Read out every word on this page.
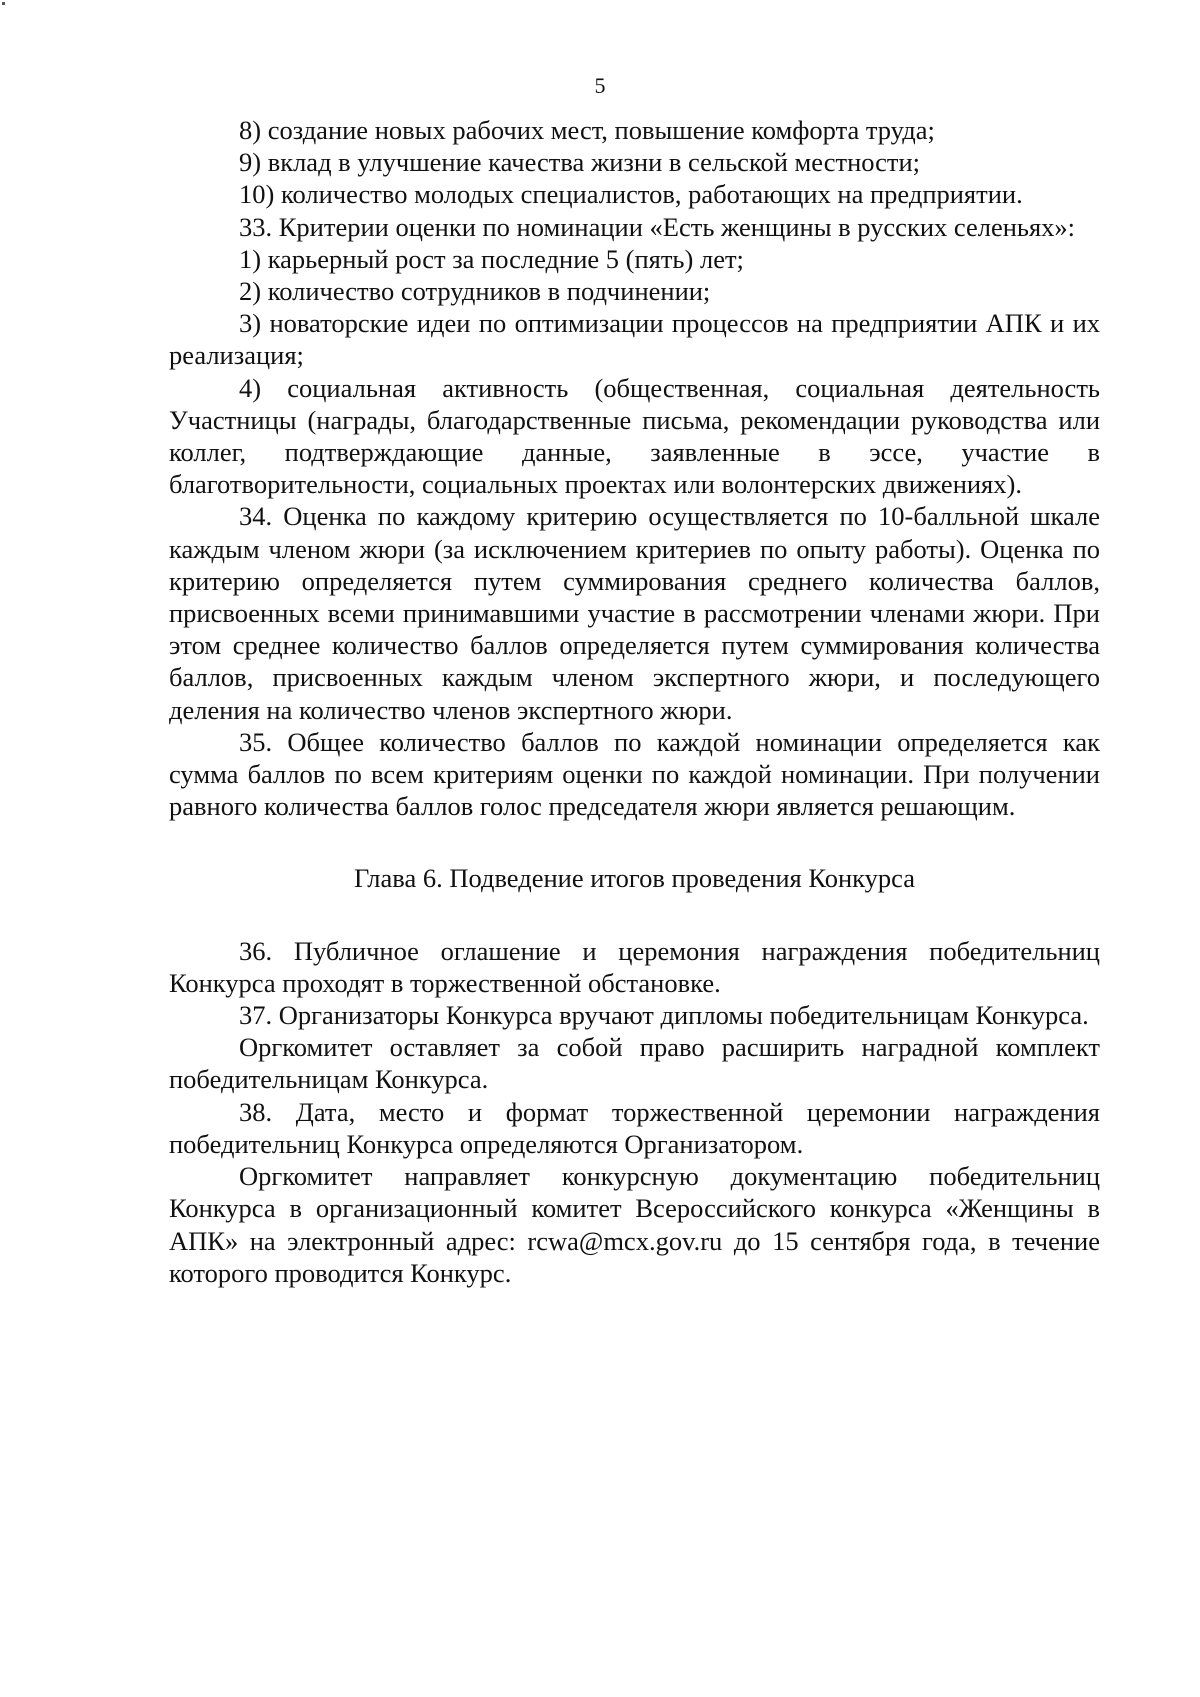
5

8) создание новых рабочих мест, повышение комфорта труда;

9) вклад в улучшение качества жизни в сельской местности;

10) количество молодых специалистов, работающих на предприятии.

33. Критерии оценки по номинации «Есть женщины в русских селеньях»:

1) карьерный рост за последние 5 (пять) лет;

2) количество сотрудников в подчинении;

3) новаторские идеи по оптимизации процессов на предприятии АПК и их реализация;

4) социальная активность (общественная, социальная деятельность Участницы (награды, благодарственные письма, рекомендации руководства или коллег, подтверждающие данные, заявленные в эссе, участие в благотворительности, социальных проектах или волонтерских движениях).

34. Оценка по каждому критерию осуществляется по 10-балльной шкале каждым членом жюри (за исключением критериев по опыту работы). Оценка по критерию определяется путем суммирования среднего количества баллов, присвоенных всеми принимавшими участие в рассмотрении членами жюри. При этом среднее количество баллов определяется путем суммирования количества баллов, присвоенных каждым членом экспертного жюри, и последующего деления на количество членов экспертного жюри.

35. Общее количество баллов по каждой номинации определяется как сумма баллов по всем критериям оценки по каждой номинации. При получении равного количества баллов голос председателя жюри является решающим.

Глава 6. Подведение итогов проведения Конкурса

36. Публичное оглашение и церемония награждения победительниц Конкурса проходят в торжественной обстановке.

37. Организаторы Конкурса вручают дипломы победительницам Конкурса.

Оргкомитет оставляет за собой право расширить наградной комплект победительницам Конкурса.

38. Дата, место и формат торжественной церемонии награждения победительниц Конкурса определяются Организатором.

Оргкомитет направляет конкурсную документацию победительниц Конкурса в организационный комитет Всероссийского конкурса «Женщины в АПК» на электронный адрес: rcwa@mcx.gov.ru до 15 сентября года, в течение которого проводится Конкурс.
